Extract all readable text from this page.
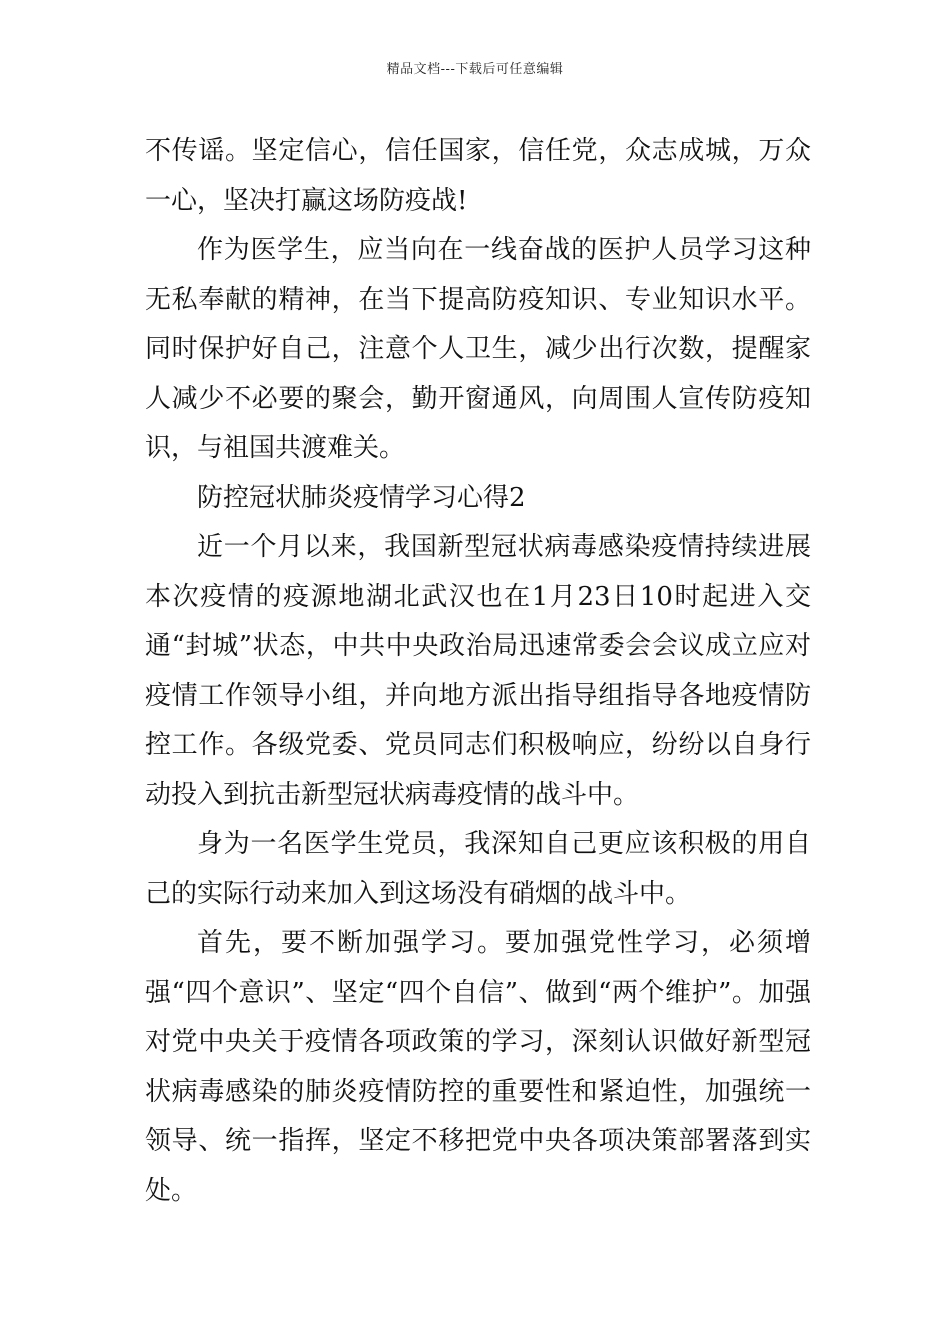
精品文档---下载后可任意编辑

不传谣。坚定信心，信任国家，信任党，众志成城，万众一心，坚决打赢这场防疫战!

作为医学生，应当向在一线奋战的医护人员学习这种无私奉献的精神，在当下提高防疫知识、专业知识水平。同时保护好自己，注意个人卫生，减少出行次数，提醒家人减少不必要的聚会，勤开窗通风，向周围人宣传防疫知识，与祖国共渡难关。

防控冠状肺炎疫情学习心得2

近一个月以来，我国新型冠状病毒感染疫情持续进展本次疫情的疫源地湖北武汉也在1月23日10时起进入交通“封城”状态，中共中央政治局迅速常委会会议成立应对疫情工作领导小组，并向地方派出指导组指导各地疫情防控工作。各级党委、党员同志们积极响应，纷纷以自身行动投入到抗击新型冠状病毒疫情的战斗中。

身为一名医学生党员，我深知自己更应该积极的用自己的实际行动来加入到这场没有硝烟的战斗中。

首先，要不断加强学习。要加强党性学习，必须增强“四个意识”、坚定“四个自信”、做到“两个维护”。加强对党中央关于疫情各项政策的学习，深刻认识做好新型冠状病毒感染的肺炎疫情防控的重要性和紧迫性，加强统一领导、统一指挥，坚定不移把党中央各项决策部署落到实处。
